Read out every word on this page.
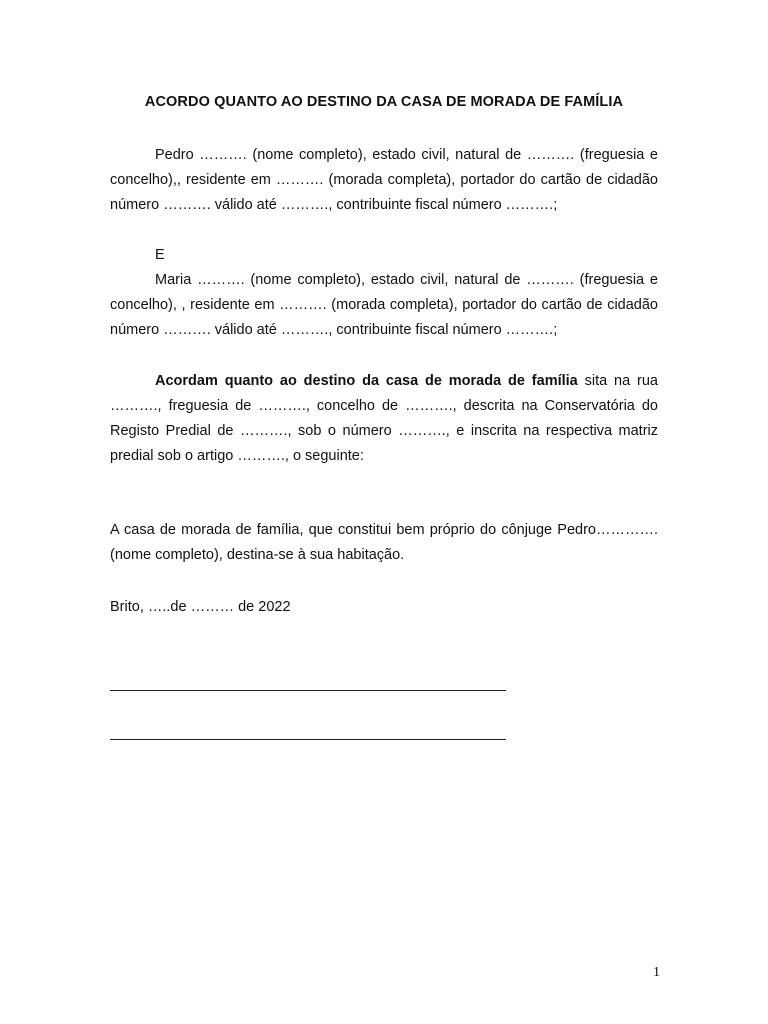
ACORDO QUANTO AO DESTINO DA CASA DE MORADA DE FAMÍLIA

Pedro ………. (nome completo), estado civil, natural de ………. (freguesia e concelho),, residente em ………. (morada completa), portador do cartão de cidadão número ………. válido até ………., contribuinte fiscal número ……….;

E

Maria ………. (nome completo), estado civil, natural de ………. (freguesia e concelho), , residente em ………. (morada completa), portador do cartão de cidadão número ………. válido até ………., contribuinte fiscal número ……….;

Acordam quanto ao destino da casa de morada de família sita na rua ………., freguesia de ………., concelho de ………., descrita na Conservatória do Registo Predial de ………., sob o número ………., e inscrita na respectiva matriz predial sob o artigo ………., o seguinte:

A casa de morada de família, que constitui bem próprio do cônjuge Pedro…………. (nome completo), destina-se à sua habitação.

Brito, …..de ……… de 2022

1
